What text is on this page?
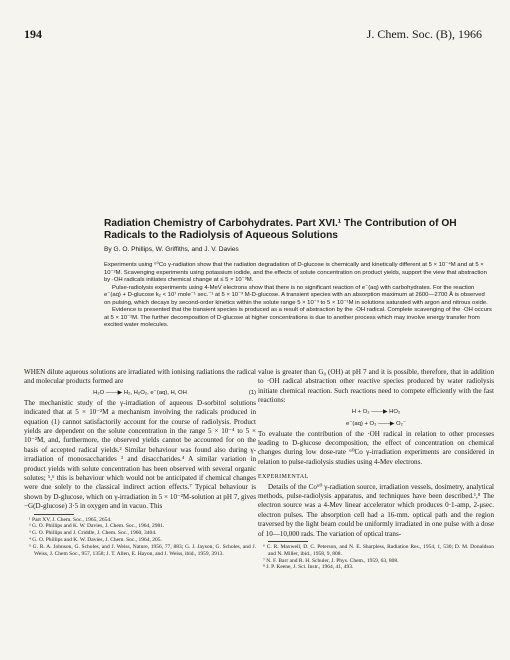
194	J. Chem. Soc. (B), 1966
Radiation Chemistry of Carbohydrates. Part XVI.¹ The Contribution of OH Radicals to the Radiolysis of Aqueous Solutions
By G. O. Phillips, W. Griffiths, and J. V. Davies

Experiments using ⁶⁰Co γ-radiation show that the radiation degradation of D-glucose is chemically and kinetically different at 5 × 10⁻⁴M and at 5 × 10⁻²M. Scavenging experiments using potassium iodide, and the effects of solute concentration on product yields, support the view that abstraction by ·OH radicals initiates chemical change at ≤ 5 × 10⁻³M.

Pulse-radiolysis experiments using 4-MeV electrons show that there is no significant reaction of e⁻(aq) with carbohydrates. For the reaction e⁻(aq) + D-glucose k₂ < 10⁷ mole⁻¹ sec.⁻¹ at 5 × 10⁻³ M-D-glucose. A transient species with an absorption maximum at 2600—2700 Å is observed on pulsing, which decays by second-order kinetics within the solute range 5 × 10⁻³ to 5 × 10⁻¹M in solutions saturated with argon and nitrous oxide.

Evidence is presented that the transient species is produced as a result of abstraction by the ·OH radical. Complete scavenging of the ·OH occurs at 5 × 10⁻²M. The further decomposition of D-glucose at higher concentrations is due to another process which may involve energy transfer from excited water molecules.

WHEN dilute aqueous solutions are irradiated with ionising radiations the radical and molecular products formed are

H₂O ——▶ H₂, H₂O₂, e⁻(aq), H, OH	(1)

The mechanistic study of the γ-irradiation of aqueous D-sorbitol solutions indicated that at 5 × 10⁻²M a mechanism involving the radicals produced in equation (1) cannot satisfactorily account for the course of radiolysis. Product yields are dependent on the solute concentration in the range 5 × 10⁻⁴ to 5 × 10⁻²M, and, furthermore, the observed yields cannot be accounted for on the basis of accepted radical yields.² Similar behaviour was found also during γ-irradiation of monosaccharides ³ and disaccharides.⁴ A similar variation in product yields with solute concentration has been observed with several organic solutes; ⁵,⁶ this is behaviour which would not be anticipated if chemical changes were due solely to the classical indirect action effects.⁷ Typical behaviour is shown by D-glucose, which on γ-irradiation in 5 × 10⁻²M-solution at pH 7, gives −G(D-glucose) 3·5 in oxygen and in vacuo. This

¹ Part XV, J. Chem. Soc., 1965, 2654.

² G. O. Phillips and K. W. Davies, J. Chem. Soc., 1964, 2981.

³ G. O. Phillips and J. Criddle, J. Chem. Soc., 1960, 3404.

⁴ G. O. Phillips and K. W. Davies, J. Chem. Soc., 1964, 205.

⁵ G. R. A. Johnson, G. Scholes, and J. Weiss, Nature, 1956, 77, 883; G. J. Jayson, G. Scholes, and J. Weiss, J. Chem Soc., 957, 1358; J. T. Allen, E. Hayon, and J. Weiss, ibid., 1959, 3913.

value is greater than G₀ (OH) at pH 7 and it is possible, therefore, that in addition to ·OH radical abstraction other reactive species produced by water radiolysis initiate chemical reaction. Such reactions need to compete efficiently with the fast reactions:

H + O₂ ——▶ HO₂
e⁻(aq) + O₂ ——▶ O₂⁻

To evaluate the contribution of the ·OH radical in relation to other processes leading to D-glucose decomposition, the effect of concentration on chemical changes during low dose-rate ⁶⁰Co γ-irradiation experiments are considered in relation to pulse-radiolysis studies using 4-Mev electrons.

EXPERIMENTAL

Details of the Co⁶⁰ γ-radiation source, irradiation vessels, dosimetry, analytical methods, pulse-radiolysis apparatus, and techniques have been described.¹,⁸ The electron source was a 4-Mev linear accelerator which produces 0·1-amp, 2-μsec. electron pulses. The absorption cell had a 16-mm. optical path and the region traversed by the light beam could be uniformly irradiated in one pulse with a dose of 10—10,000 rads. The variation of optical trans-

⁶ C. R. Maxwell, D. C. Peterson, and N. E. Sharpless, Radiation Res., 1954, 1, 530; D. M. Donaldson and N. Miller, ibid., 1958, 9, 808.

⁷ N. F. Barr and R. H. Schuler, J. Phys. Chem., 1959, 63, 808.

⁸ J. P. Keene, J. Sci. Instr., 1964, 41, 493.
